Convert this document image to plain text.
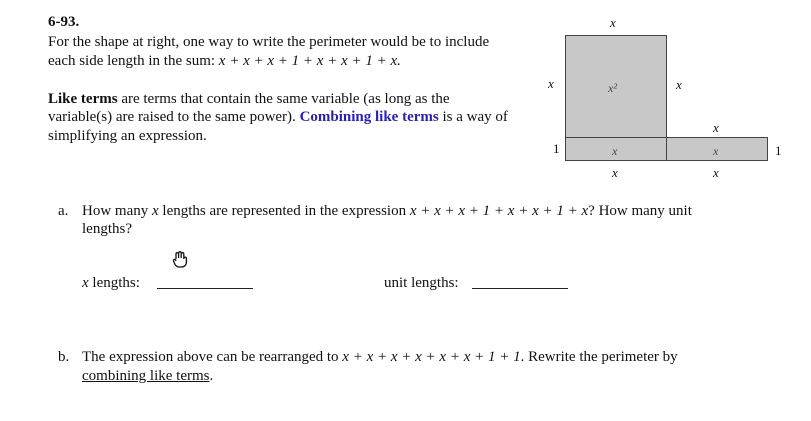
6-93.
For the shape at right, one way to write the perimeter would be to include
each side length in the sum: x + x + x + 1 + x + x + 1 + x.
Like terms are terms that contain the same variable (as long as the
variable(s) are raised to the same power). Combining like terms is a way of
simplifying an expression.
x
x	x
1	1
x
x	x
x²
x	x
a. How many x lengths are represented in the expression x + x + x + 1 + x + x + 1 + x? How many unit
lengths?
x lengths:	unit lengths:
b. The expression above can be rearranged to x + x + x + x + x + x + 1 + 1. Rewrite the perimeter by
combining like terms.
